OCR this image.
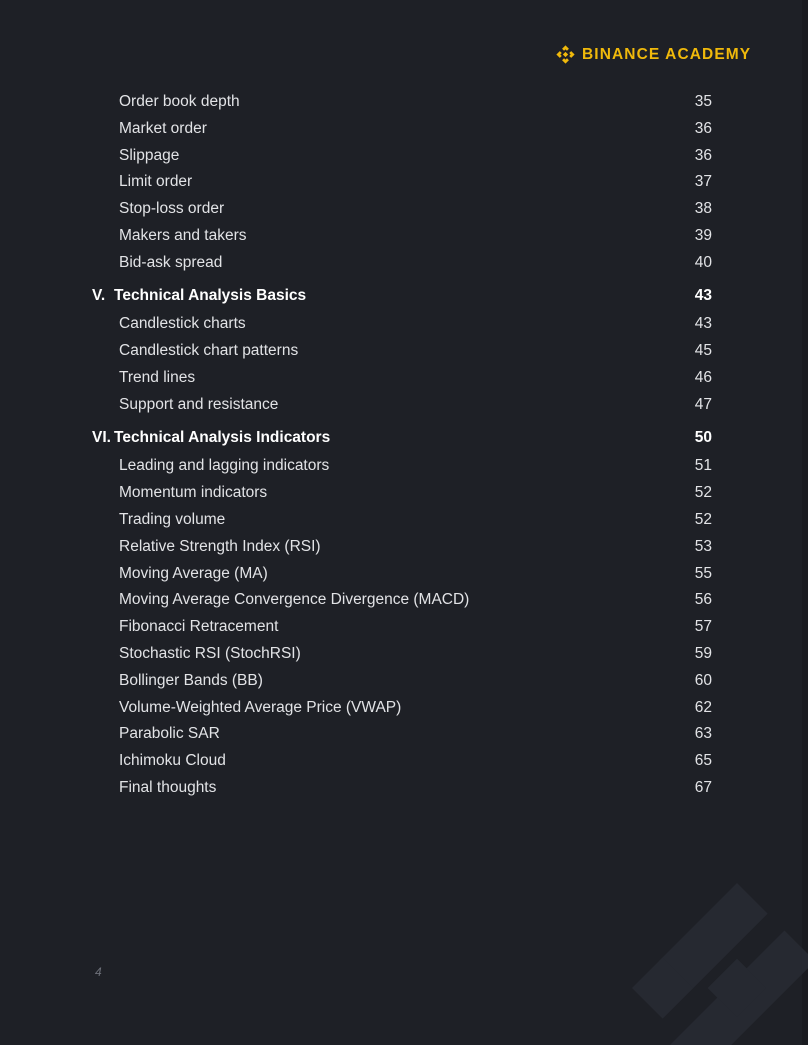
BINANCE ACADEMY
Order book depth	35
Market order	36
Slippage	36
Limit order	37
Stop-loss order	38
Makers and takers	39
Bid-ask spread	40
V. Technical Analysis Basics	43
Candlestick charts	43
Candlestick chart patterns	45
Trend lines	46
Support and resistance	47
VI. Technical Analysis Indicators	50
Leading and lagging indicators	51
Momentum indicators	52
Trading volume	52
Relative Strength Index (RSI)	53
Moving Average (MA)	55
Moving Average Convergence Divergence (MACD)	56
Fibonacci Retracement	57
Stochastic RSI (StochRSI)	59
Bollinger Bands (BB)	60
Volume-Weighted Average Price (VWAP)	62
Parabolic SAR	63
Ichimoku Cloud	65
Final thoughts	67
4
